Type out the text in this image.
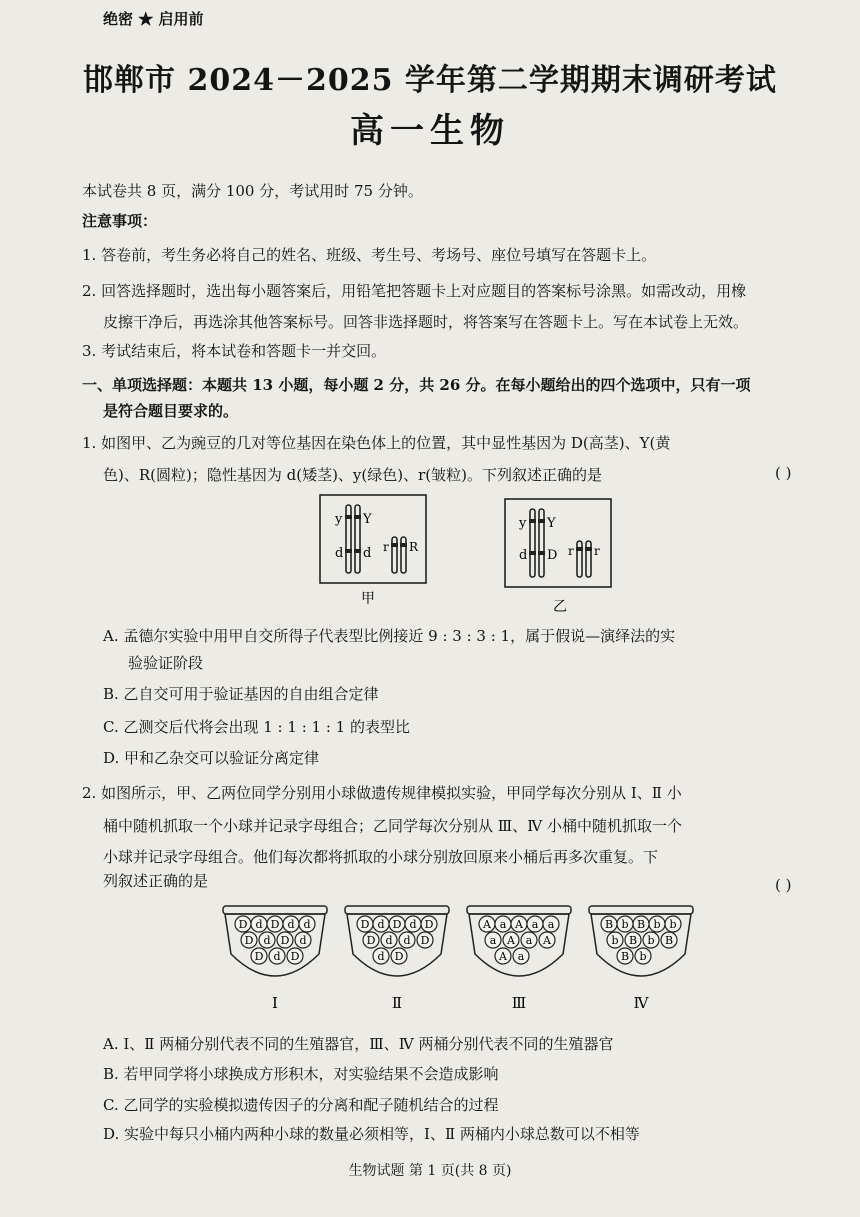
绝密 ★ 启用前
邯郸市 2024－2025 学年第二学期期末调研考试
高一生物
本试卷共 8 页，满分 100 分，考试用时 75 分钟。
注意事项：
1. 答卷前，考生务必将自己的姓名、班级、考生号、考场号、座位号填写在答题卡上。
2. 回答选择题时，选出每小题答案后，用铅笔把答题卡上对应题目的答案标号涂黑。如需改动，用橡
皮擦干净后，再选涂其他答案标号。回答非选择题时，将答案写在答题卡上。写在本试卷上无效。
3. 考试结束后，将本试卷和答题卡一并交回。
一、单项选择题：本题共 13 小题，每小题 2 分，共 26 分。在每小题给出的四个选项中，只有一项
是符合题目要求的。
1. 如图甲、乙为豌豆的几对等位基因在染色体上的位置，其中显性基因为 D(高茎)、Y(黄
色)、R(圆粒)；隐性基因为 d(矮茎)、y(绿色)、r(皱粒)。下列叙述正确的是	( )
y Y
d d r R
甲
y Y
d D r r
乙
A. 孟德尔实验中用甲自交所得子代表型比例接近 9 : 3 : 3 : 1，属于假说—演绎法的实
验验证阶段
B. 乙自交可用于验证基因的自由组合定律
C. 乙测交后代将会出现 1 : 1 : 1 : 1 的表型比
D. 甲和乙杂交可以验证分离定律
2. 如图所示，甲、乙两位同学分别用小球做遗传规律模拟实验，甲同学每次分别从 Ⅰ、Ⅱ 小
桶中随机抓取一个小球并记录字母组合；乙同学每次分别从 Ⅲ、Ⅳ 小桶中随机抓取一个
小球并记录字母组合。他们每次都将抓取的小球分别放回原来小桶后再多次重复。下
列叙述正确的是	( )
D d D d d
D d D d
D d D
Ⅰ
D d D d D
D d d D
d D
Ⅱ
A a A a a
a A a A
A a
Ⅲ
B b B b b
b B b B
B b
Ⅳ
A. Ⅰ、Ⅱ 两桶分别代表不同的生殖器官，Ⅲ、Ⅳ 两桶分别代表不同的生殖器官
B. 若甲同学将小球换成方形积木，对实验结果不会造成影响
C. 乙同学的实验模拟遗传因子的分离和配子随机结合的过程
D. 实验中每只小桶内两种小球的数量必须相等，Ⅰ、Ⅱ 两桶内小球总数可以不相等
生物试题 第 1 页(共 8 页)
